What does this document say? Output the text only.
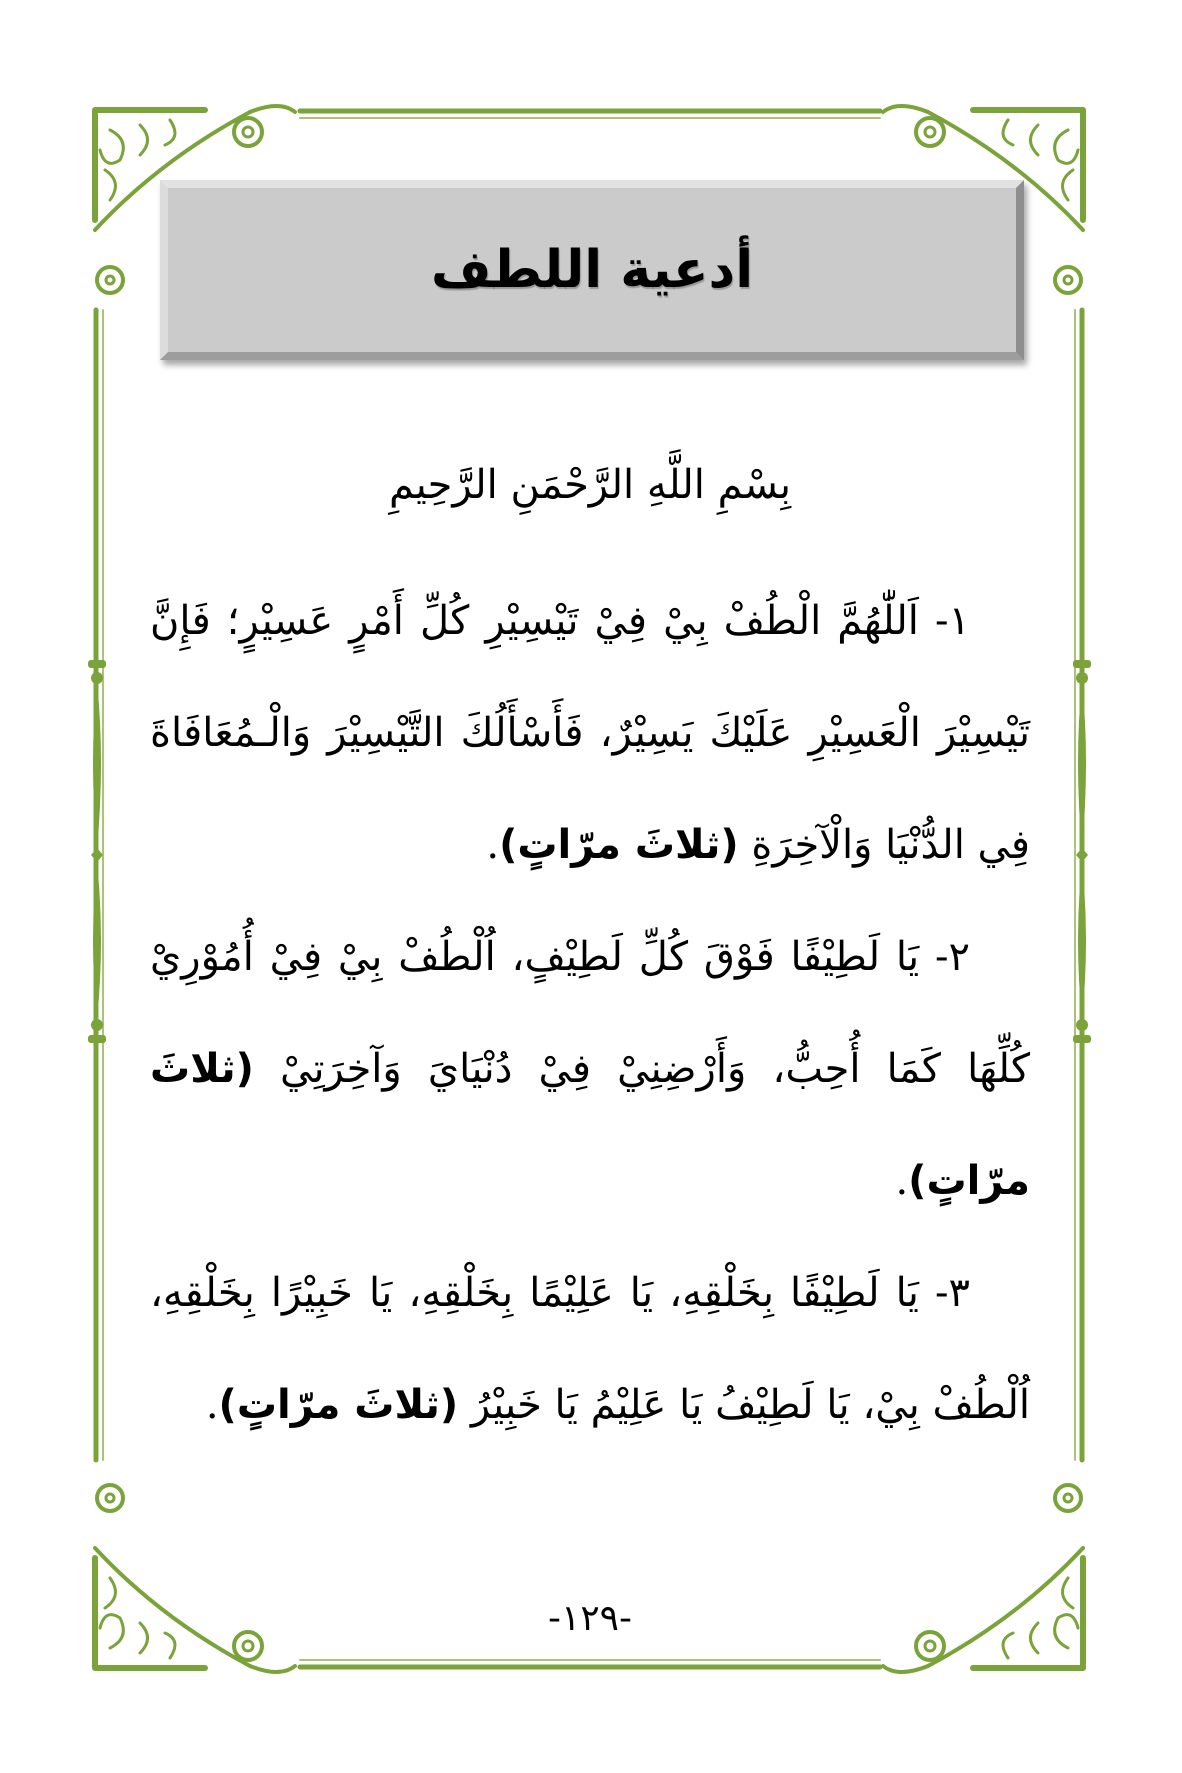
أدعية اللطف
بِسْمِ اللَّهِ الرَّحْمَنِ الرَّحِيمِ

١- اَللّٰهُمَّ الْطُفْ بِيْ فِيْ تَيْسِيْرِ كُلِّ أَمْرٍ عَسِيْرٍ؛ فَإِنَّ تَيْسِيْرَ الْعَسِيْرِ عَلَيْكَ يَسِيْرٌ، فَأَسْأَلُكَ التَّيْسِيْرَ وَالْـمُعَافَاةَ فِي الدُّنْيَا وَالْآخِرَةِ (ثلاثَ مرّاتٍ).

٢- يَا لَطِيْفًا فَوْقَ كُلِّ لَطِيْفٍ، اُلْطُفْ بِيْ فِيْ أُمُوْرِيْ كُلِّهَا كَمَا أُحِبُّ، وَأَرْضِنِيْ فِيْ دُنْيَايَ وَآخِرَتِيْ (ثلاثَ مرّاتٍ).

٣- يَا لَطِيْفًا بِخَلْقِهِ، يَا عَلِيْمًا بِخَلْقِهِ، يَا خَبِيْرًا بِخَلْقِهِ، اُلْطُفْ بِيْ، يَا لَطِيْفُ يَا عَلِيْمُ يَا خَبِيْرُ (ثلاثَ مرّاتٍ).

-١٢٩-
